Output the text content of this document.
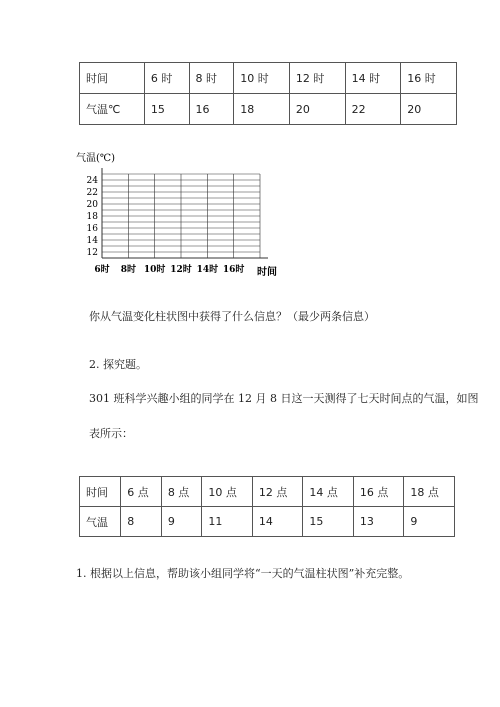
时间	6 时	8 时	10 时	12 时	14 时	16 时
气温℃	15	16	18	20	22	20
24
22
20
18
16
14
12
6时 8时 10时 12时 14时 16时
气温(℃)
时间
你从气温变化柱状图中获得了什么信息？（最少两条信息）
2. 探究题。
301 班科学兴趣小组的同学在 12 月 8 日这一天测得了七天时间点的气温，如图
表所示：
时间	6 点	8 点	10 点	12 点	14 点	16 点	18 点
气温	8	9	11	14	15	13	9
1. 根据以上信息，帮助该小组同学将“一天的气温柱状图”补充完整。
